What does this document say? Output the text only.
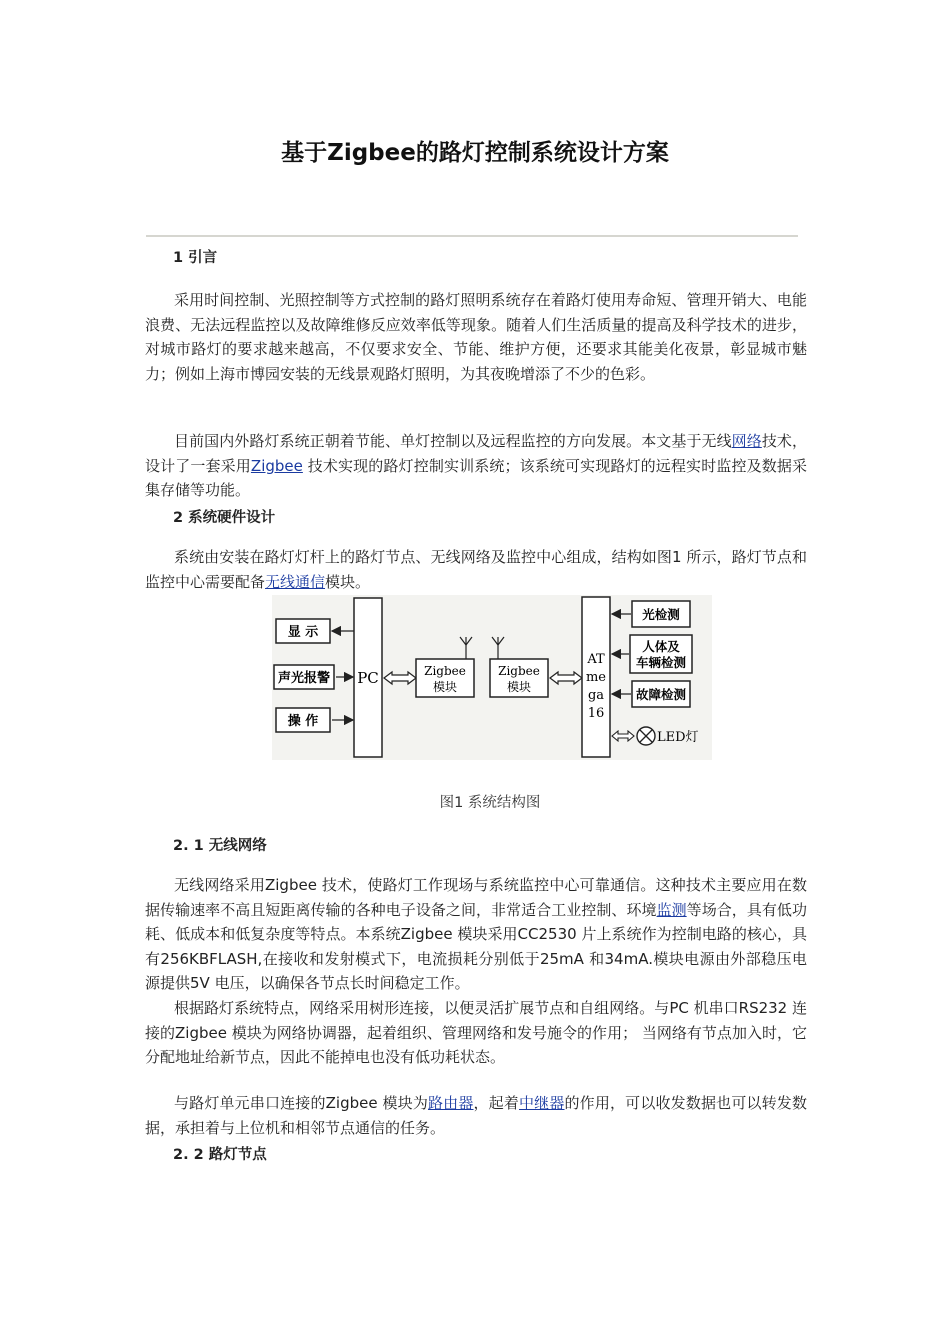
基于Zigbee的路灯控制系统设计方案
1 引言

采用时间控制、光照控制等方式控制的路灯照明系统存在着路灯使用寿命短、管理开销大、电能浪费、无法远程监控以及故障维修反应效率低等现象。随着人们生活质量的提高及科学技术的进步，对城市路灯的要求越来越高，不仅要求安全、节能、维护方便，还要求其能美化夜景，彰显城市魅力；例如上海市博园安装的无线景观路灯照明，为其夜晚增添了不少的色彩。

目前国内外路灯系统正朝着节能、单灯控制以及远程监控的方向发展。本文基于无线网络技术，设计了一套采用Zigbee 技术实现的路灯控制实训系统；该系统可实现路灯的远程实时监控及数据采集存储等功能。

2 系统硬件设计

系统由安装在路灯灯杆上的路灯节点、无线网络及监控中心组成，结构如图1 所示，路灯节点和监控中心需要配备无线通信模块。

显 示
声光报警
操 作
PC	Zigbee
模块
Zigbee
模块
AT
me
ga
16
光检测
人体及
车辆检测
故障检测
LED灯

图1 系统结构图

2. 1 无线网络

无线网络采用Zigbee 技术，使路灯工作现场与系统监控中心可靠通信。这种技术主要应用在数据传输速率不高且短距离传输的各种电子设备之间，非常适合工业控制、环境监测等场合，具有低功耗、低成本和低复杂度等特点。本系统Zigbee 模块采用CC2530 片上系统作为控制电路的核心，具有256KBFLASH,在接收和发射模式下，电流损耗分别低于25mA 和34mA.模块电源由外部稳压电源提供5V 电压，以确保各节点长时间稳定工作。

根据路灯系统特点，网络采用树形连接，以便灵活扩展节点和自组网络。与PC 机串口RS232 连接的Zigbee 模块为网络协调器，起着组织、管理网络和发号施令的作用； 当网络有节点加入时，它分配地址给新节点，因此不能掉电也没有低功耗状态。

与路灯单元串口连接的Zigbee 模块为路由器，起着中继器的作用，可以收发数据也可以转发数据，承担着与上位机和相邻节点通信的任务。

2. 2 路灯节点
